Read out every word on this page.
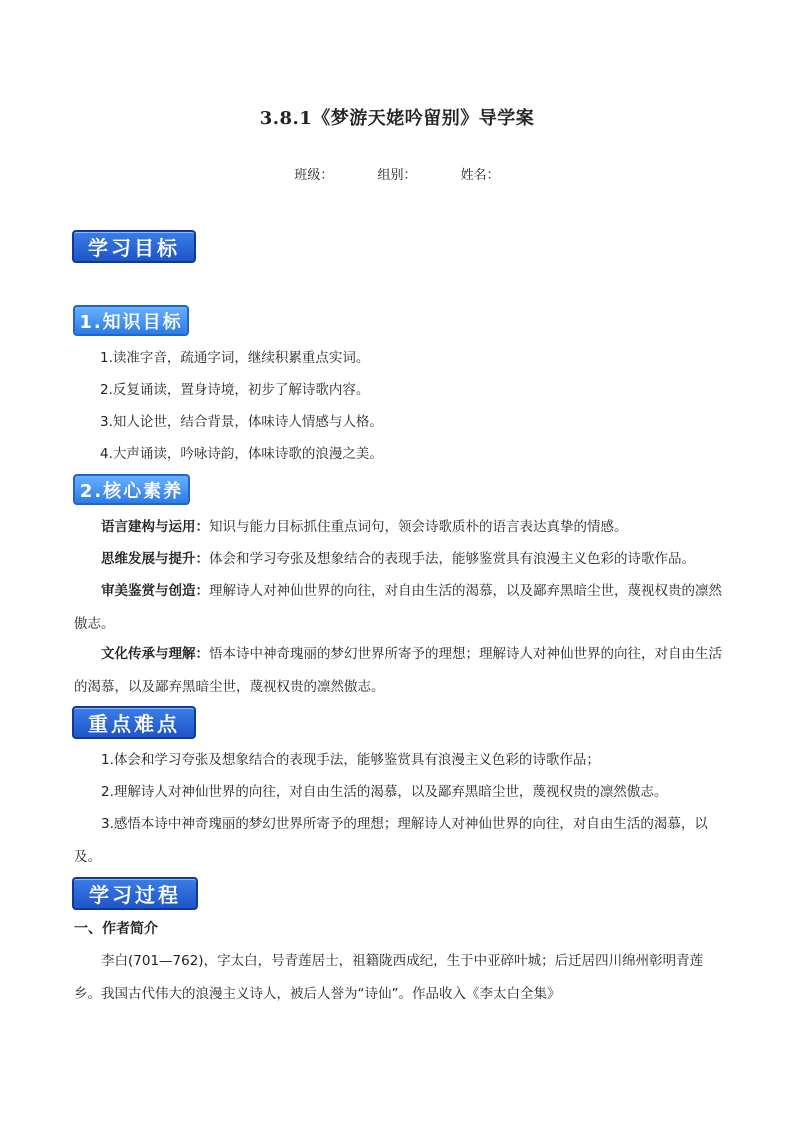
3.8.1《梦游天姥吟留别》导学案
班级：	组别：	姓名：
学习目标
1.知识目标
1.读准字音，疏通字词，继续积累重点实词。
2.反复诵读，置身诗境，初步了解诗歌内容。
3.知人论世，结合背景，体味诗人情感与人格。
4.大声诵读，吟咏诗韵，体味诗歌的浪漫之美。
2.核心素养
语言建构与运用：知识与能力目标抓住重点词句，领会诗歌质朴的语言表达真挚的情感。
思维发展与提升：体会和学习夸张及想象结合的表现手法，能够鉴赏具有浪漫主义色彩的诗歌作品。
审美鉴赏与创造：理解诗人对神仙世界的向往，对自由生活的渴慕，以及鄙弃黑暗尘世，蔑视权贵的凛然傲志。
文化传承与理解：悟本诗中神奇瑰丽的梦幻世界所寄予的理想；理解诗人对神仙世界的向往，对自由生活的渴慕，以及鄙弃黑暗尘世，蔑视权贵的凛然傲志。
重点难点
1.体会和学习夸张及想象结合的表现手法，能够鉴赏具有浪漫主义色彩的诗歌作品；
2.理解诗人对神仙世界的向往，对自由生活的渴慕，以及鄙弃黑暗尘世，蔑视权贵的凛然傲志。
3.感悟本诗中神奇瑰丽的梦幻世界所寄予的理想；理解诗人对神仙世界的向往，对自由生活的渴慕，以及。
学习过程
一、作者简介
李白(701—762)，字太白，号青莲居士，祖籍陇西成纪，生于中亚碎叶城；后迁居四川绵州彰明青莲乡。我国古代伟大的浪漫主义诗人，被后人誉为“诗仙”。作品收入《李太白全集》
